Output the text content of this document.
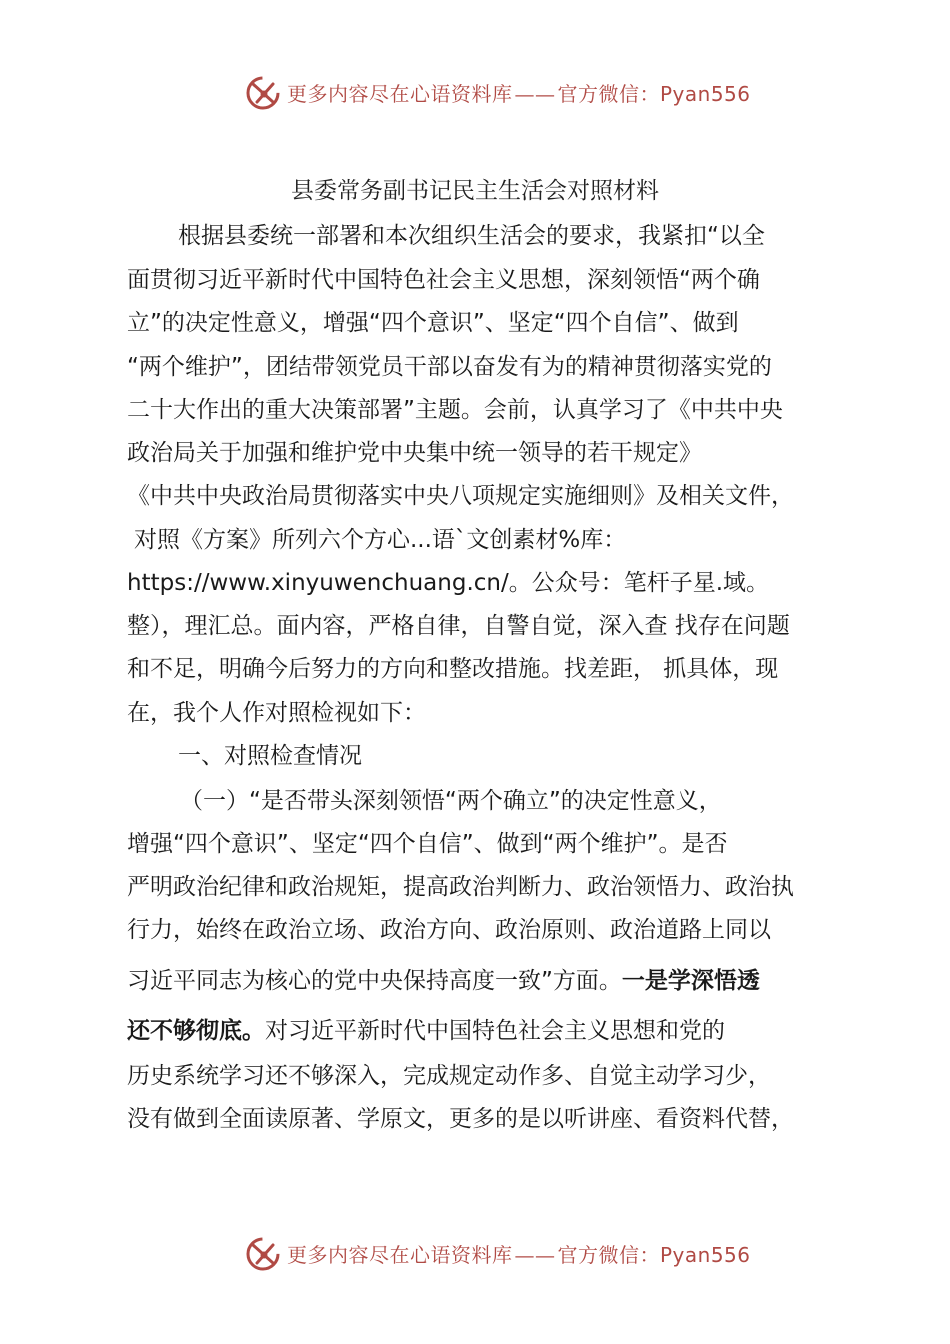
更多内容尽在心语资料库 —— 官方微信：Pyan556
县委常务副书记民主生活会对照材料
根据县委统一部署和本次组织生活会的要求，我紧扣“以全
面贯彻习近平新时代中国特色社会主义思想，深刻领悟“两个确
立”的决定性意义，增强“四个意识”、坚定“四个自信”、做到
“两个维护”，团结带领党员干部以奋发有为的精神贯彻落实党的
二十大作出的重大决策部署”主题。会前，认真学习了《中共中央
政治局关于加强和维护党中央集中统一领导的若干规定》
《中共中央政治局贯彻落实中央八项规定实施细则》及相关文件，
对照《方案》所列六个方心...语`文创素材%库：
https://www.xinyuwenchuang.cn/。公众号：笔杆子星.域。
整），理汇总。面内容，严格自律，自警自觉，深入查 找存在问题
和不足，明确今后努力的方向和整改措施。找差距， 抓具体，现
在，我个人作对照检视如下：
一、对照检查情况
（一）“是否带头深刻领悟“两个确立”的决定性意义，
增强“四个意识”、坚定“四个自信”、做到“两个维护”。是否
严明政治纪律和政治规矩，提高政治判断力、政治领悟力、政治执
行力，始终在政治立场、政治方向、政治原则、政治道路上同以
习近平同志为核心的党中央保持高度一致”方面。一是学深悟透
还不够彻底。对习近平新时代中国特色社会主义思想和党的
历史系统学习还不够深入，完成规定动作多、自觉主动学习少，
没有做到全面读原著、学原文，更多的是以听讲座、看资料代替，
更多内容尽在心语资料库 —— 官方微信：Pyan556
